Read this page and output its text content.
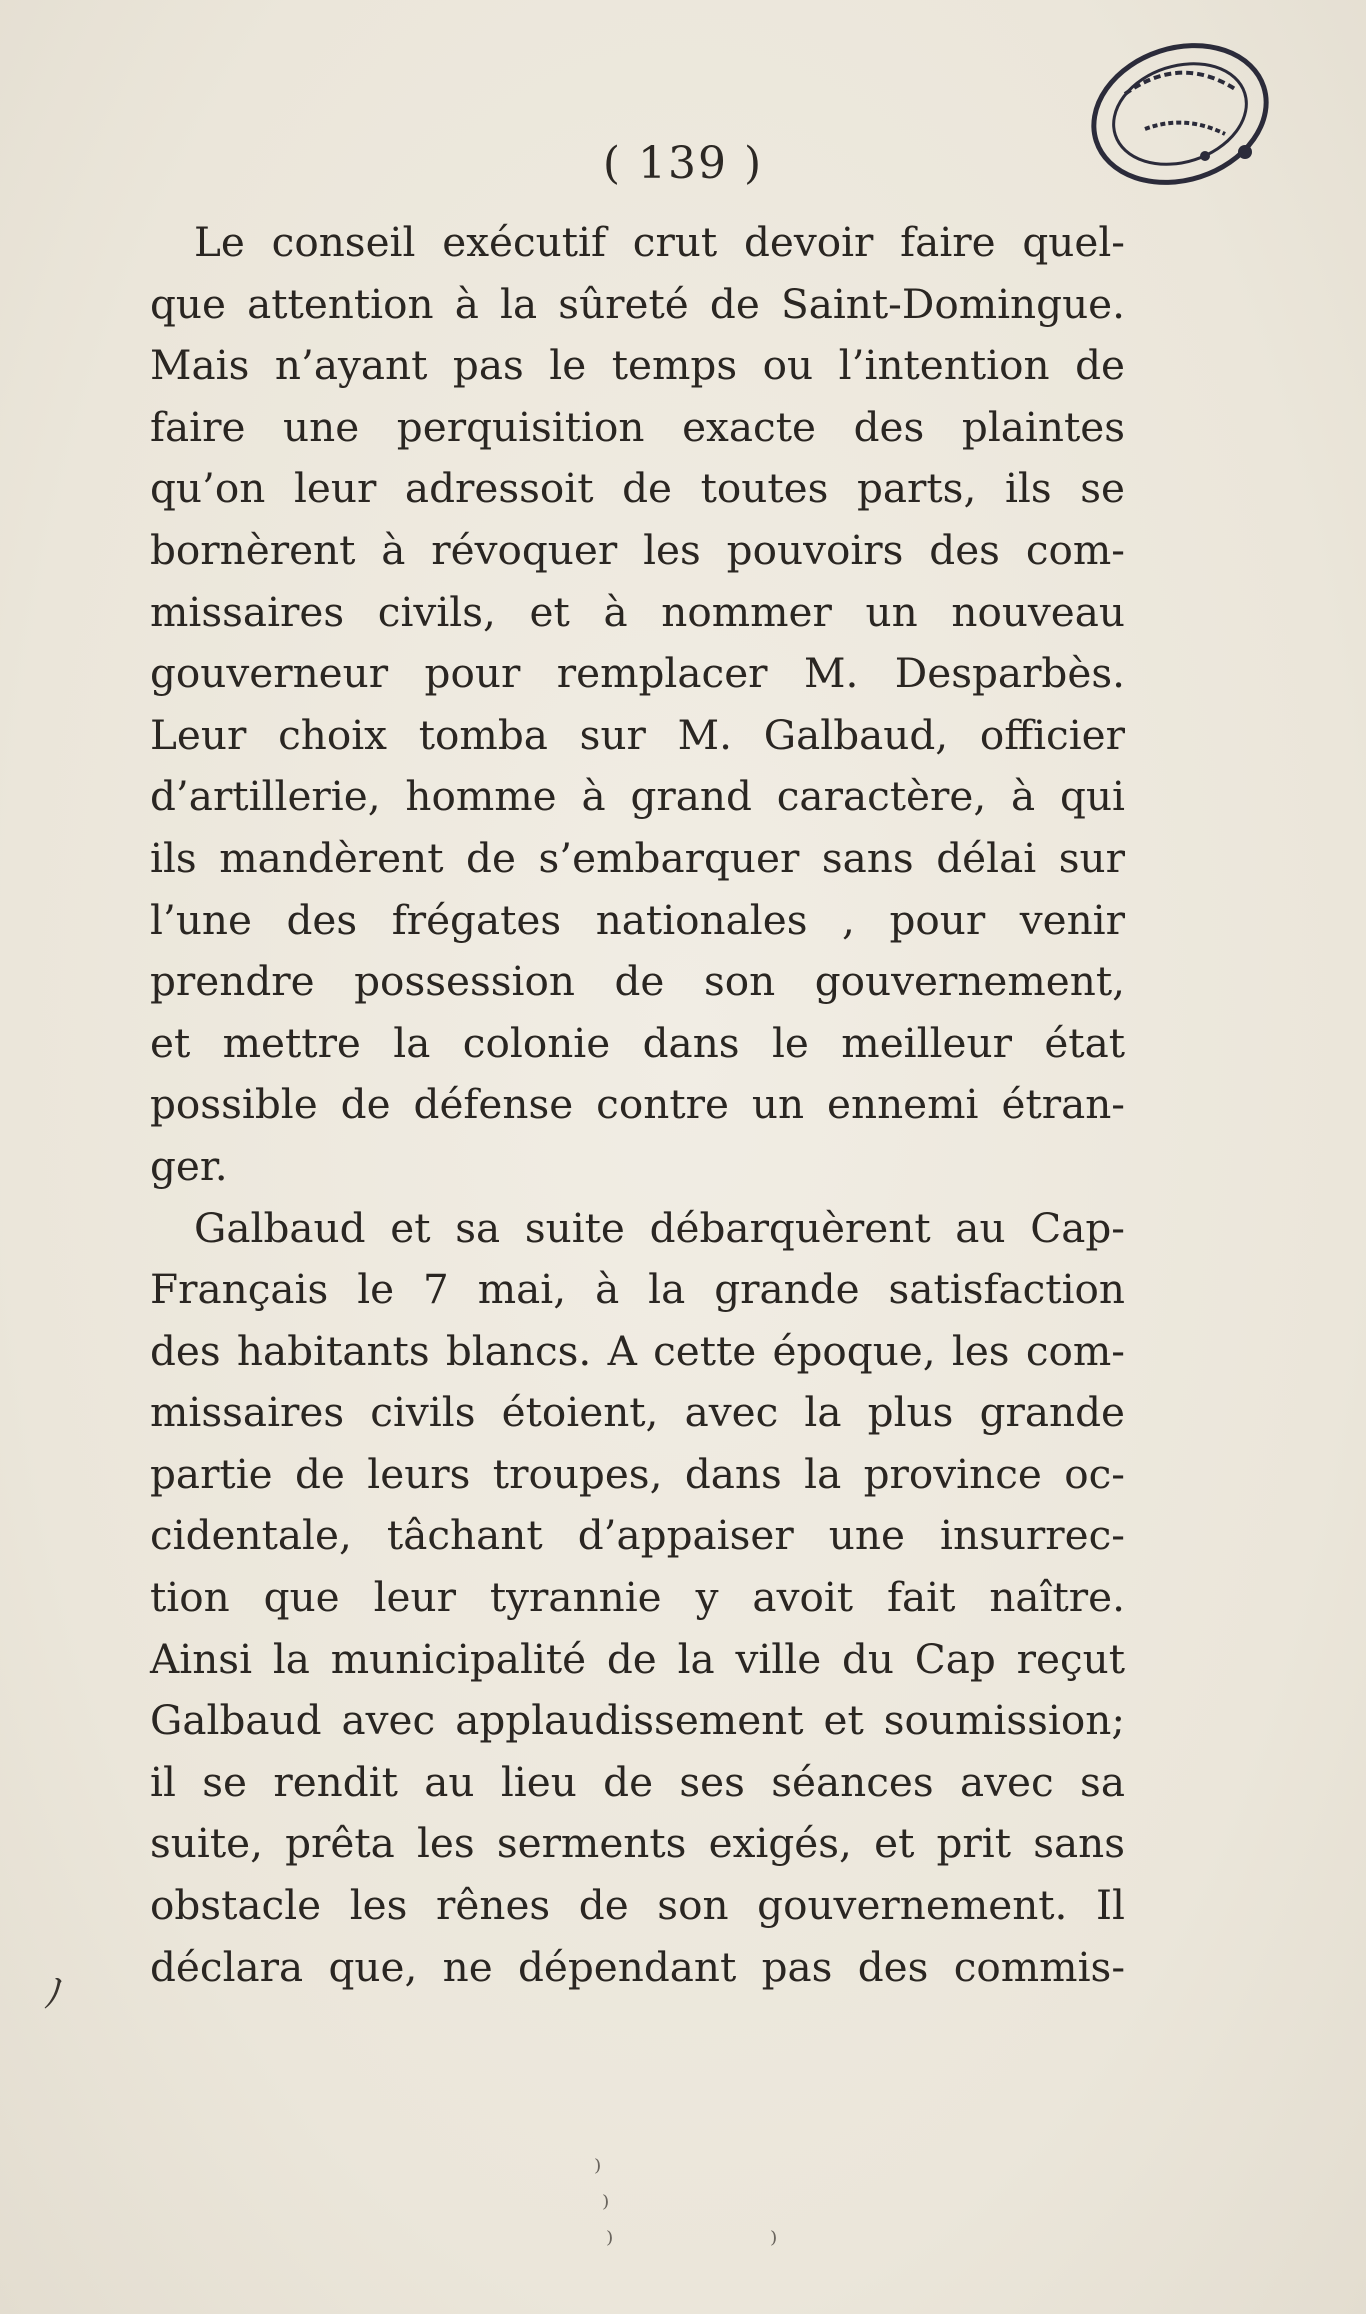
( 139 )
Le conseil exécutif crut devoir faire quel-
que attention à la sûreté de Saint-Domingue.
Mais n’ayant pas le temps ou l’intention de
faire une perquisition exacte des plaintes
qu’on leur adressoit de toutes parts, ils se
bornèrent à révoquer les pouvoirs des com-
missaires civils, et à nommer un nouveau
gouverneur pour remplacer M. Desparbès.
Leur choix tomba sur M. Galbaud, officier
d’artillerie, homme à grand caractère, à qui
ils mandèrent de s’embarquer sans délai sur
l’une des frégates nationales , pour venir
prendre possession de son gouvernement,
et mettre la colonie dans le meilleur état
possible de défense contre un ennemi étran-
ger.
Galbaud et sa suite débarquèrent au Cap-
Français le 7 mai, à la grande satisfaction
des habitants blancs. A cette époque, les com-
missaires civils étoient, avec la plus grande
partie de leurs troupes, dans la province oc-
cidentale, tâchant d’appaiser une insurrec-
tion que leur tyrannie y avoit fait naître.
Ainsi la municipalité de la ville du Cap reçut
Galbaud avec applaudissement et soumission;
il se rendit au lieu de ses séances avec sa
suite, prêta les serments exigés, et prit sans
obstacle les rênes de son gouvernement. Il
déclara que, ne dépendant pas des commis-
ﾉ
⁾
⁾
⁾	⁾
